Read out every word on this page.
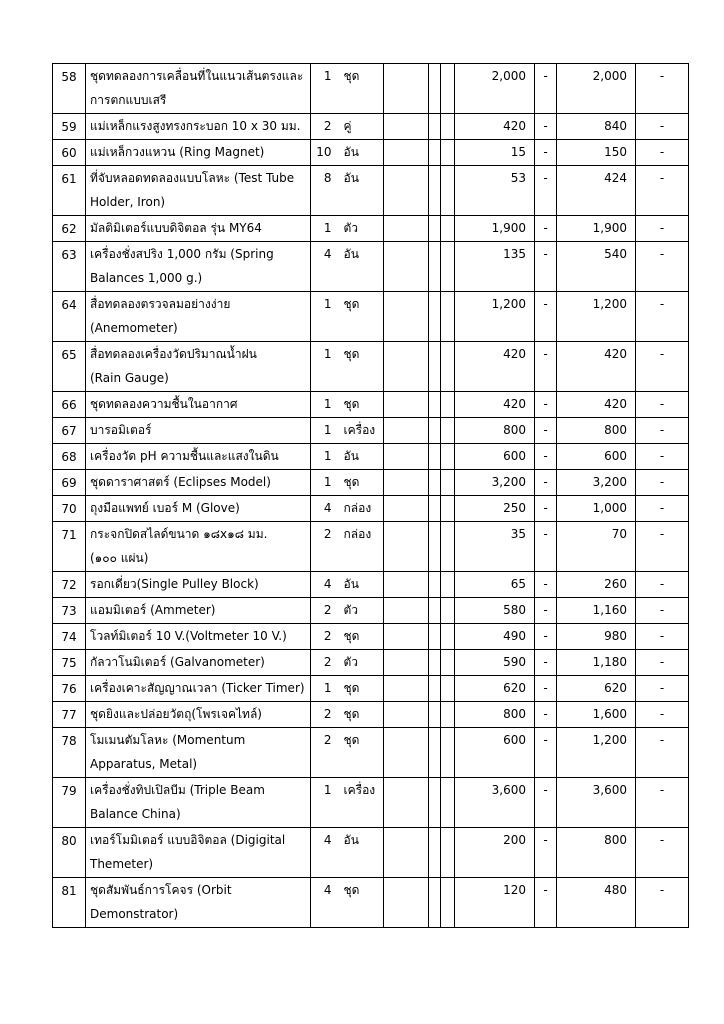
58	ชุดทดลองการเคลื่อนที่ในแนวเส้นตรงและ
การตกแบบเสรี	1	ชุด				2,000	-	2,000	-
59	แม่เหล็กแรงสูงทรงกระบอก 10 x 30 มม.	2	คู่				420	-	840	-
60	แม่เหล็กวงแหวน (Ring Magnet)	10	อัน				15	-	150	-
61	ที่จับหลอดทดลองแบบโลหะ (Test Tube
Holder, Iron)	8	อัน				53	-	424	-
62	มัลติมิเตอร์แบบดิจิตอล รุ่น MY64	1	ตัว				1,900	-	1,900	-
63	เครื่องชั่งสปริง 1,000 กรัม (Spring
Balances 1,000 g.)	4	อัน				135	-	540	-
64	สื่อทดลองตรวจลมอย่างง่าย
(Anemometer)	1	ชุด				1,200	-	1,200	-
65	สื่อทดลองเครื่องวัดปริมาณน้ำฝน
(Rain Gauge)	1	ชุด				420	-	420	-
66	ชุดทดลองความชื้นในอากาศ	1	ชุด				420	-	420	-
67	บารอมิเตอร์	1	เครื่อง				800	-	800	-
68	เครื่องวัด pH ความชื้นและแสงในดิน	1	อัน				600	-	600	-
69	ชุดดาราศาสตร์ (Eclipses Model)	1	ชุด				3,200	-	3,200	-
70	ถุงมือแพทย์ เบอร์ M (Glove)	4	กล่อง				250	-	1,000	-
71	กระจกปิดสไลด์ขนาด ๑๘x๑๘ มม.
(๑๐๐ แผ่น)	2	กล่อง				35	-	70	-
72	รอกเดี่ยว(Single Pulley Block)	4	อัน				65	-	260	-
73	แอมมิเตอร์ (Ammeter)	2	ตัว				580	-	1,160	-
74	โวลท์มิเตอร์ 10 V.(Voltmeter 10 V.)	2	ชุด				490	-	980	-
75	กัลวาโนมิเตอร์ (Galvanometer)	2	ตัว				590	-	1,180	-
76	เครื่องเคาะสัญญาณเวลา (Ticker Timer)	1	ชุด				620	-	620	-
77	ชุดยิงและปล่อยวัตถุ(โพรเจคไทล์)	2	ชุด				800	-	1,600	-
78	โมเมนตัมโลหะ (Momentum
Apparatus, Metal)	2	ชุด				600	-	1,200	-
79	เครื่องชั่งทิปเปิลบีม (Triple Beam
Balance China)	1	เครื่อง				3,600	-	3,600	-
80	เทอร์โมมิเตอร์ แบบอิจิตอล (Digigital
Themeter)	4	อัน				200	-	800	-
81	ชุดสัมพันธ์การโคจร (Orbit
Demonstrator)	4	ชุด				120	-	480	-
